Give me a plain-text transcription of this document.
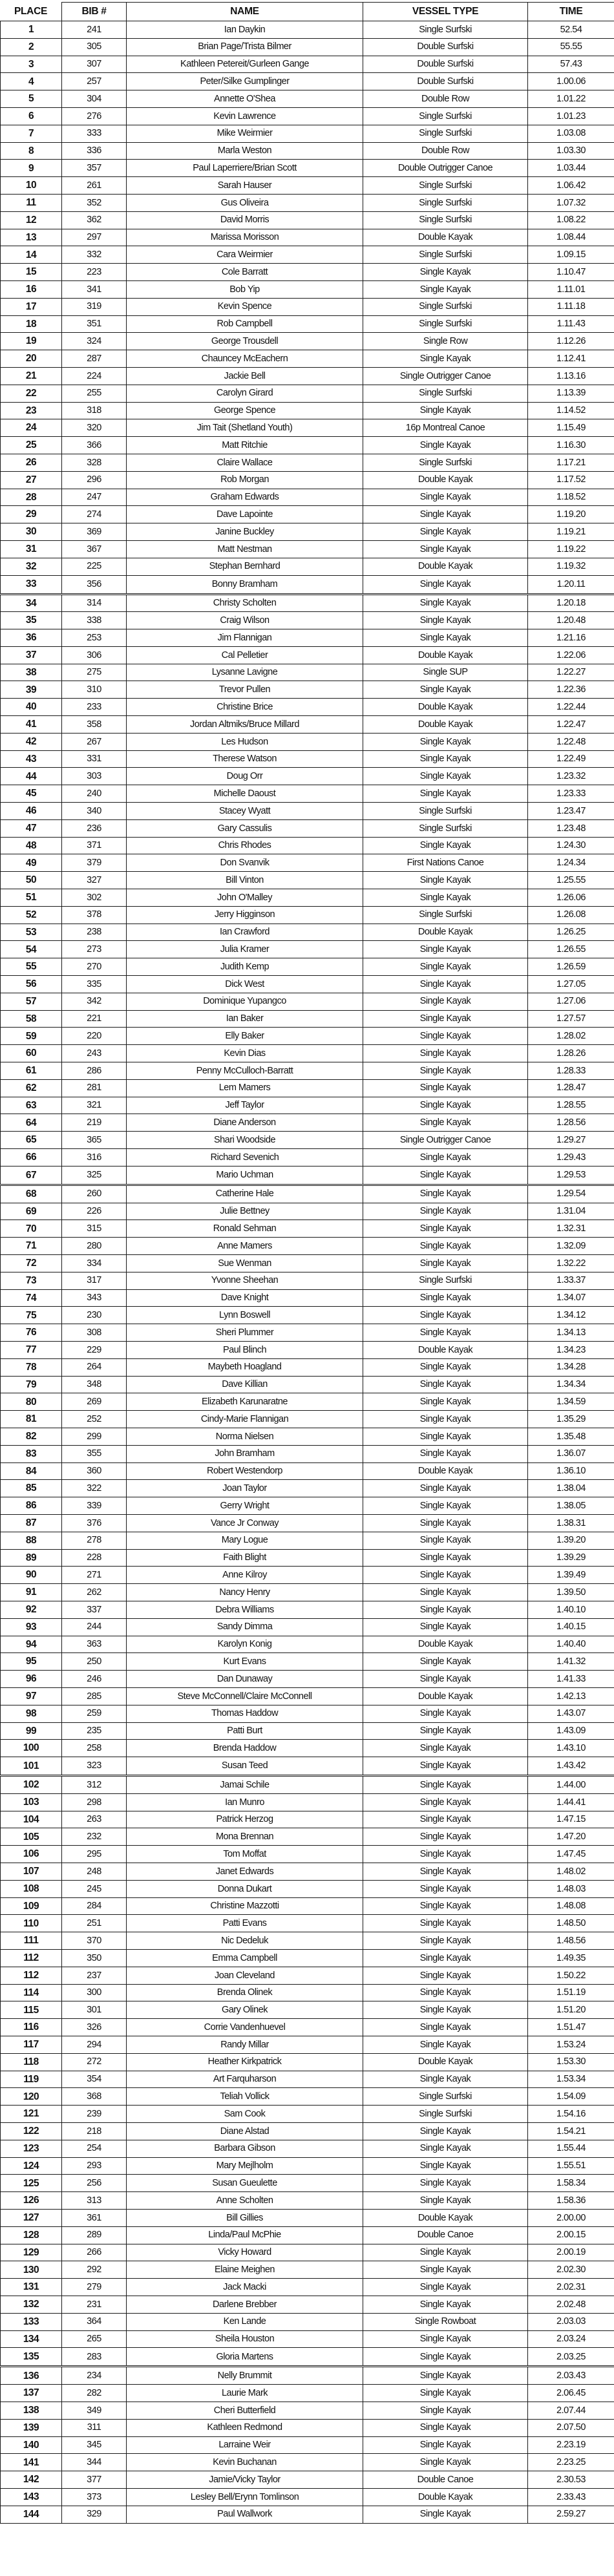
PLACE	BIB #	NAME	VESSEL TYPE	TIME
1	241	Ian Daykin	Single Surfski	52.54
2	305	Brian Page/Trista Bilmer	Double Surfski	55.55
3	307	Kathleen Petereit/Gurleen Gange	Double Surfski	57.43
4	257	Peter/Silke Gumplinger	Double Surfski	1.00.06
5	304	Annette O'Shea	Double Row	1.01.22
6	276	Kevin Lawrence	Single Surfski	1.01.23
7	333	Mike Weirmier	Single Surfski	1.03.08
8	336	Marla Weston	Double Row	1.03.30
9	357	Paul Laperriere/Brian Scott	Double Outrigger Canoe	1.03.44
10	261	Sarah Hauser	Single Surfski	1.06.42
11	352	Gus Oliveira	Single Surfski	1.07.32
12	362	David Morris	Single Surfski	1.08.22
13	297	Marissa Morisson	Double Kayak	1.08.44
14	332	Cara Weirmier	Single Surfski	1.09.15
15	223	Cole Barratt	Single Kayak	1.10.47
16	341	Bob Yip	Single Kayak	1.11.01
17	319	Kevin Spence	Single Surfski	1.11.18
18	351	Rob Campbell	Single Surfski	1.11.43
19	324	George Trousdell	Single Row	1.12.26
20	287	Chauncey McEachern	Single Kayak	1.12.41
21	224	Jackie Bell	Single Outrigger Canoe	1.13.16
22	255	Carolyn Girard	Single Surfski	1.13.39
23	318	George Spence	Single Kayak	1.14.52
24	320	Jim Tait (Shetland Youth)	16p Montreal Canoe	1.15.49
25	366	Matt Ritchie	Single Kayak	1.16.30
26	328	Claire Wallace	Single Surfski	1.17.21
27	296	Rob Morgan	Double Kayak	1.17.52
28	247	Graham Edwards	Single Kayak	1.18.52
29	274	Dave Lapointe	Single Kayak	1.19.20
30	369	Janine Buckley	Single Kayak	1.19.21
31	367	Matt Nestman	Single Kayak	1.19.22
32	225	Stephan Bernhard	Double Kayak	1.19.32
33	356	Bonny Bramham	Single Kayak	1.20.11
34	314	Christy Scholten	Single Kayak	1.20.18
35	338	Craig Wilson	Single Kayak	1.20.48
36	253	Jim Flannigan	Single Kayak	1.21.16
37	306	Cal Pelletier	Double Kayak	1.22.06
38	275	Lysanne Lavigne	Single SUP	1.22.27
39	310	Trevor Pullen	Single Kayak	1.22.36
40	233	Christine Brice	Double Kayak	1.22.44
41	358	Jordan Altmiks/Bruce Millard	Double Kayak	1.22.47
42	267	Les Hudson	Single Kayak	1.22.48
43	331	Therese Watson	Single Kayak	1.22.49
44	303	Doug Orr	Single Kayak	1.23.32
45	240	Michelle Daoust	Single Kayak	1.23.33
46	340	Stacey Wyatt	Single Surfski	1.23.47
47	236	Gary Cassulis	Single Surfski	1.23.48
48	371	Chris Rhodes	Single Kayak	1.24.30
49	379	Don Svanvik	First Nations Canoe	1.24.34
50	327	Bill Vinton	Single Kayak	1.25.55
51	302	John O'Malley	Single Kayak	1.26.06
52	378	Jerry Higginson	Single Surfski	1.26.08
53	238	Ian Crawford	Double Kayak	1.26.25
54	273	Julia Kramer	Single Kayak	1.26.55
55	270	Judith Kemp	Single Kayak	1.26.59
56	335	Dick West	Single Kayak	1.27.05
57	342	Dominique Yupangco	Single Kayak	1.27.06
58	221	Ian Baker	Single Kayak	1.27.57
59	220	Elly Baker	Single Kayak	1.28.02
60	243	Kevin Dias	Single Kayak	1.28.26
61	286	Penny McCulloch-Barratt	Single Kayak	1.28.33
62	281	Lem Mamers	Single Kayak	1.28.47
63	321	Jeff Taylor	Single Kayak	1.28.55
64	219	Diane Anderson	Single Kayak	1.28.56
65	365	Shari Woodside	Single Outrigger Canoe	1.29.27
66	316	Richard Sevenich	Single Kayak	1.29.43
67	325	Mario Uchman	Single Kayak	1.29.53
68	260	Catherine Hale	Single Kayak	1.29.54
69	226	Julie Bettney	Single Kayak	1.31.04
70	315	Ronald Sehman	Single Kayak	1.32.31
71	280	Anne Mamers	Single Kayak	1.32.09
72	334	Sue Wenman	Single Kayak	1.32.22
73	317	Yvonne Sheehan	Single Surfski	1.33.37
74	343	Dave Knight	Single Kayak	1.34.07
75	230	Lynn Boswell	Single Kayak	1.34.12
76	308	Sheri Plummer	Single Kayak	1.34.13
77	229	Paul Blinch	Double Kayak	1.34.23
78	264	Maybeth Hoagland	Single Kayak	1.34.28
79	348	Dave Killian	Single Kayak	1.34.34
80	269	Elizabeth Karunaratne	Single Kayak	1.34.59
81	252	Cindy-Marie Flannigan	Single Kayak	1.35.29
82	299	Norma Nielsen	Single Kayak	1.35.48
83	355	John Bramham	Single Kayak	1.36.07
84	360	Robert Westendorp	Double Kayak	1.36.10
85	322	Joan Taylor	Single Kayak	1.38.04
86	339	Gerry Wright	Single Kayak	1.38.05
87	376	Vance Jr Conway	Single Kayak	1.38.31
88	278	Mary Logue	Single Kayak	1.39.20
89	228	Faith Blight	Single Kayak	1.39.29
90	271	Anne Kilroy	Single Kayak	1.39.49
91	262	Nancy Henry	Single Kayak	1.39.50
92	337	Debra Williams	Single Kayak	1.40.10
93	244	Sandy Dimma	Single Kayak	1.40.15
94	363	Karolyn Konig	Double Kayak	1.40.40
95	250	Kurt Evans	Single Kayak	1.41.32
96	246	Dan Dunaway	Single Kayak	1.41.33
97	285	Steve McConnell/Claire McConnell	Double Kayak	1.42.13
98	259	Thomas Haddow	Single Kayak	1.43.07
99	235	Patti Burt	Single Kayak	1.43.09
100	258	Brenda Haddow	Single Kayak	1.43.10
101	323	Susan Teed	Single Kayak	1.43.42
102	312	Jamai Schile	Single Kayak	1.44.00
103	298	Ian Munro	Single Kayak	1.44.41
104	263	Patrick Herzog	Single Kayak	1.47.15
105	232	Mona Brennan	Single Kayak	1.47.20
106	295	Tom Moffat	Single Kayak	1.47.45
107	248	Janet Edwards	Single Kayak	1.48.02
108	245	Donna Dukart	Single Kayak	1.48.03
109	284	Christine Mazzotti	Single Kayak	1.48.08
110	251	Patti Evans	Single Kayak	1.48.50
111	370	Nic Dedeluk	Single Kayak	1.48.56
112	350	Emma Campbell	Single Kayak	1.49.35
112	237	Joan Cleveland	Single Kayak	1.50.22
114	300	Brenda Olinek	Single Kayak	1.51.19
115	301	Gary Olinek	Single Kayak	1.51.20
116	326	Corrie Vandenhuevel	Single Kayak	1.51.47
117	294	Randy Millar	Single Kayak	1.53.24
118	272	Heather Kirkpatrick	Double Kayak	1.53.30
119	354	Art Farquharson	Single Kayak	1.53.34
120	368	Teliah Vollick	Single Surfski	1.54.09
121	239	Sam Cook	Single Surfski	1.54.16
122	218	Diane Alstad	Single Kayak	1.54.21
123	254	Barbara Gibson	Single Kayak	1.55.44
124	293	Mary Mejlholm	Single Kayak	1.55.51
125	256	Susan Gueulette	Single Kayak	1.58.34
126	313	Anne Scholten	Single Kayak	1.58.36
127	361	Bill Gillies	Double Kayak	2.00.00
128	289	Linda/Paul McPhie	Double Canoe	2.00.15
129	266	Vicky Howard	Single Kayak	2.00.19
130	292	Elaine Meighen	Single Kayak	2.02.30
131	279	Jack Macki	Single Kayak	2.02.31
132	231	Darlene Brebber	Single Kayak	2.02.48
133	364	Ken Lande	Single Rowboat	2.03.03
134	265	Sheila Houston	Single Kayak	2.03.24
135	283	Gloria Martens	Single Kayak	2.03.25
136	234	Nelly Brummit	Single Kayak	2.03.43
137	282	Laurie Mark	Single Kayak	2.06.45
138	349	Cheri Butterfield	Single Kayak	2.07.44
139	311	Kathleen Redmond	Single Kayak	2.07.50
140	345	Larraine Weir	Single Kayak	2.23.19
141	344	Kevin Buchanan	Single Kayak	2.23.25
142	377	Jamie/Vicky Taylor	Double Canoe	2.30.53
143	373	Lesley Bell/Erynn Tomlinson	Double Kayak	2.33.43
144	329	Paul Wallwork	Single Kayak	2.59.27
